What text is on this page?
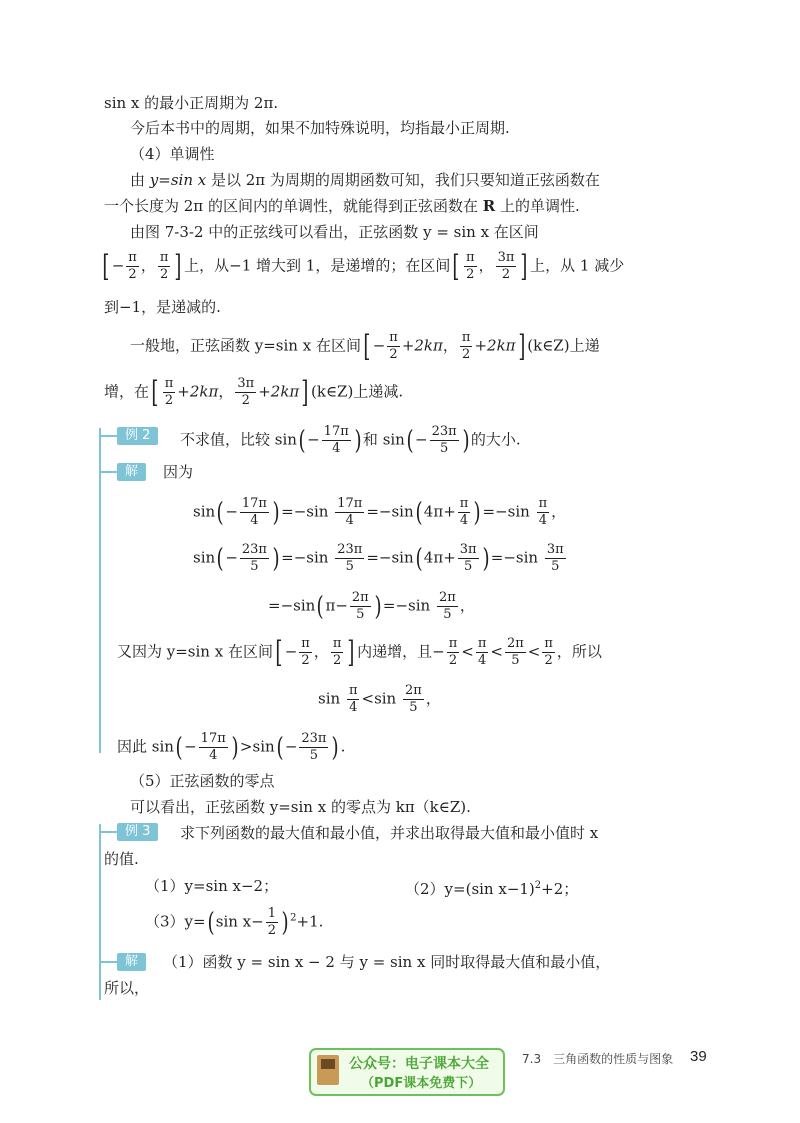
sin x 的最小正周期为 2π.
今后本书中的周期，如果不加特殊说明，均指最小正周期.
（4）单调性
由 y=sin x 是以 2π 为周期的周期函数可知，我们只要知道正弦函数在
一个长度为 2π 的区间内的单调性，就能得到正弦函数在 R 上的单调性.
由图 7-3-2 中的正弦线可以看出，正弦函数 y = sin x 在区间
[ − $\frac{\pi}{2}$ ， $\frac{\pi}{2}$ ] 上，从−1 增大到 1，是递增的；在区间[ $\frac{\pi}{2}$ ， $\frac{3\pi}{2}$ ] 上，从 1 减少
到−1，是递减的.
一般地，正弦函数 y=sin x 在区间[ − $\frac{\pi}{2} +2k\pi$， $\frac{\pi}{2} +2k\pi$] (k∈Z)上递
增，在[ $\frac{\pi}{2} +2k\pi$， $\frac{3\pi}{2} +2k\pi$] (k∈Z)上递减.
例 2	不求值，比较 $\sin( - \frac{17\pi}{4}$ ) 和 $\sin( - \frac{23\pi}{5}$ ) 的大小.
解	因为
$\sin( - \frac{17\pi}{4}$ ) $=-\sin \frac{17\pi}{4} =-\sin$( $4\pi+ \frac{\pi}{4}$ ) $=-\sin \frac{\pi}{4}$ ，
$\sin( - \frac{23\pi}{5}$ ) $=-\sin \frac{23\pi}{5} =-\sin$( $4\pi+ \frac{3\pi}{5}$ ) $=-\sin \frac{3\pi}{5}$
=−sin( $\pi- \frac{2\pi}{5}$ ) $=-\sin \frac{2\pi}{5}$ ，
又因为 y=sin x 在区间[ − $\frac{\pi}{2}$ ， $\frac{\pi}{2}$ ] 内递增，且− $\frac{\pi}{2} < \frac{\pi}{4} < \frac{2\pi}{5} < \frac{\pi}{2}$ ，所以
$\sin \frac{\pi}{4} <\sin \frac{2\pi}{5}$ ，
因此 $\sin( - \frac{17\pi}{4}$ ) $>\sin( - \frac{23\pi}{5}$ ) .
（5）正弦函数的零点
可以看出，正弦函数 y=sin x 的零点为 kπ（k∈Z).
例 3	求下列函数的最大值和最小值，并求出取得最大值和最小值时 x
的值.
（1）y=sin x−2；	（2）y=(sin x−1)$^2$+2；
（3）y=( $\sin x- \frac{1}{2}$ ) $^2$+1.
解	（1）函数 y = sin x − 2 与 y = sin x 同时取得最大值和最小值，
所以，
公众号：电子课本大全
（PDF课本免费下）
7.3　三角函数的性质与图象 39
